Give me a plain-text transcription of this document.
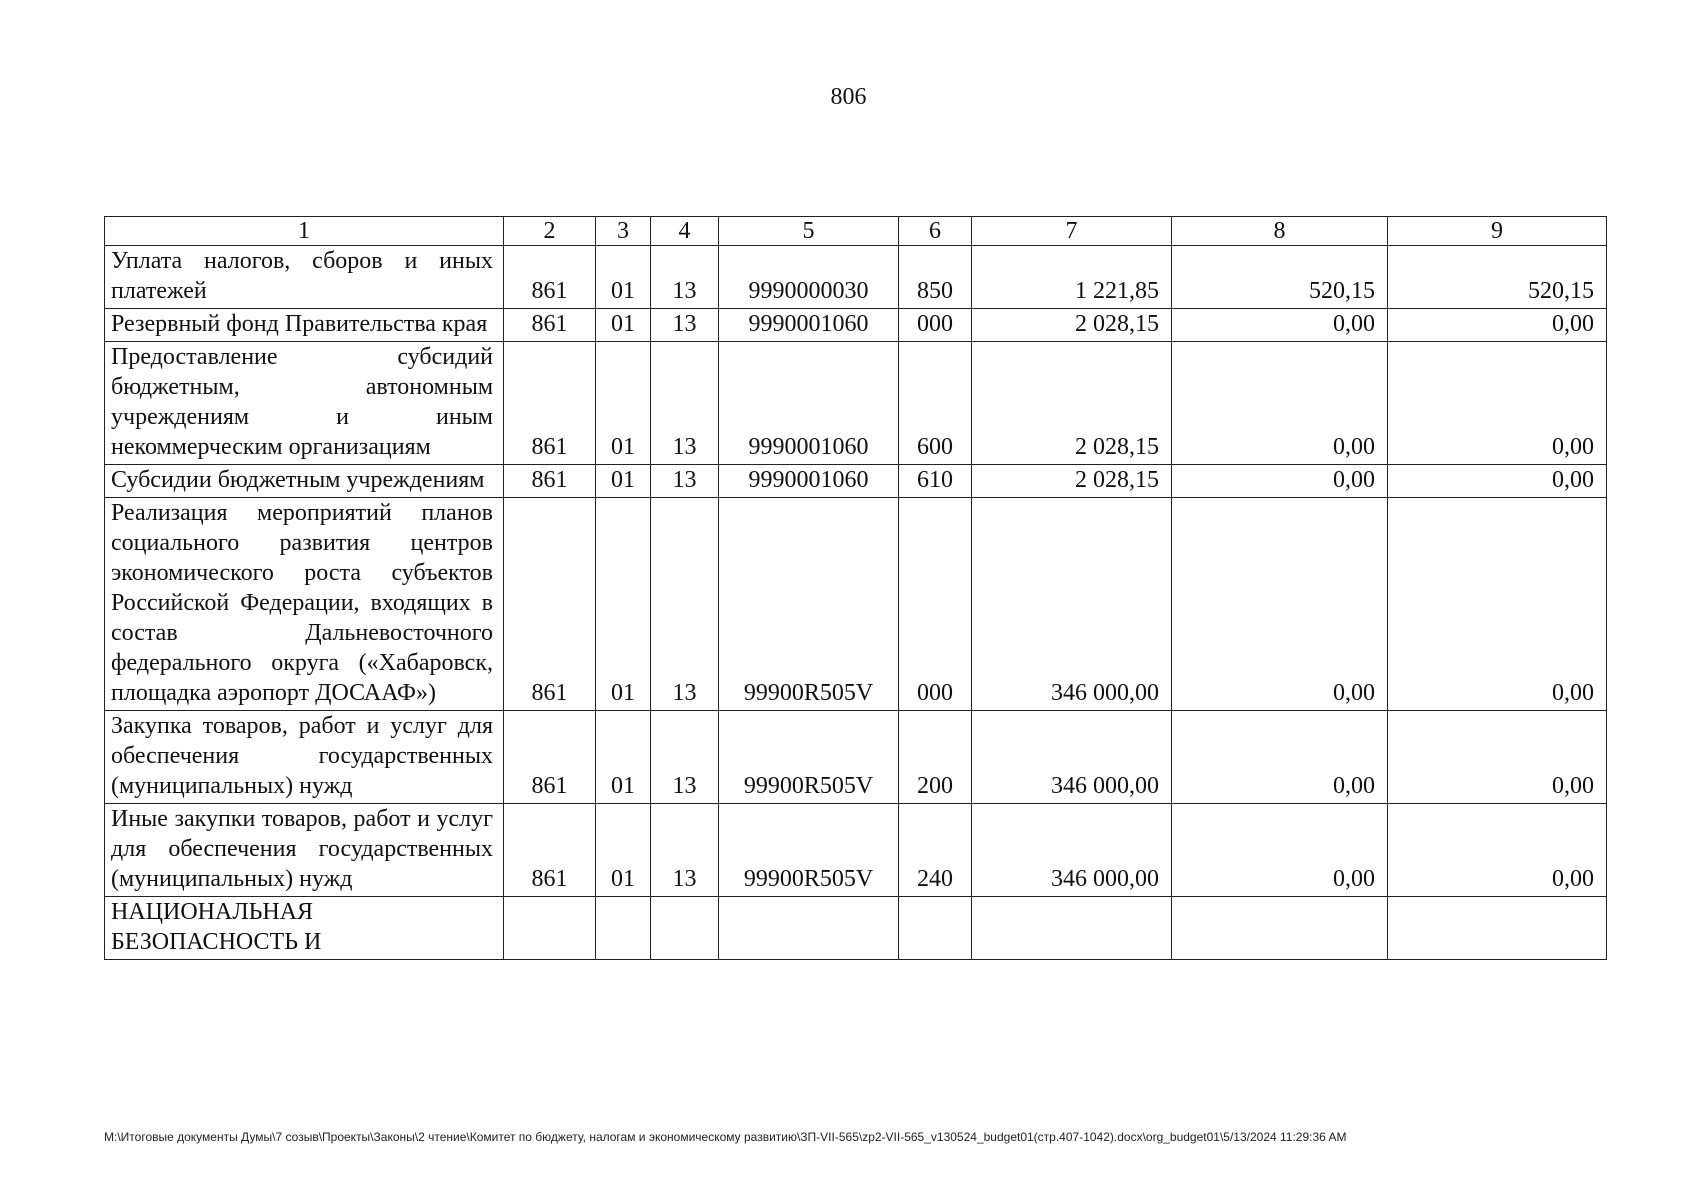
806
1	2	3	4	5	6	7	8	9
Уплата налогов, сборов и иных платежей	861	01	13	9990000030	850	1 221,85	520,15	520,15
Резервный фонд Правительства края	861	01	13	9990001060	000	2 028,15	0,00	0,00
Предоставление субсидий бюджетным, автономным учреждениям и иным некоммерческим организациям	861	01	13	9990001060	600	2 028,15	0,00	0,00
Субсидии бюджетным учреждениям	861	01	13	9990001060	610	2 028,15	0,00	0,00
Реализация мероприятий планов социального развития центров экономического роста субъектов Российской Федерации, входящих в состав Дальневосточного федерального округа («Хабаровск, площадка аэропорт ДОСААФ»)	861	01	13	99900R505V	000	346 000,00	0,00	0,00
Закупка товаров, работ и услуг для обеспечения государственных (муниципальных) нужд	861	01	13	99900R505V	200	346 000,00	0,00	0,00
Иные закупки товаров, работ и услуг для обеспечения государственных (муниципальных) нужд	861	01	13	99900R505V	240	346 000,00	0,00	0,00
НАЦИОНАЛЬНАЯ БЕЗОПАСНОСТЬ И								
M:\Итоговые документы Думы\7 созыв\Проекты\Законы\2 чтение\Комитет по бюджету, налогам и экономическому развитию\ЗП-VII-565\zp2-VII-565_v130524_budget01(стр.407-1042).docx\org_budget01\5/13/2024 11:29:36 AM
